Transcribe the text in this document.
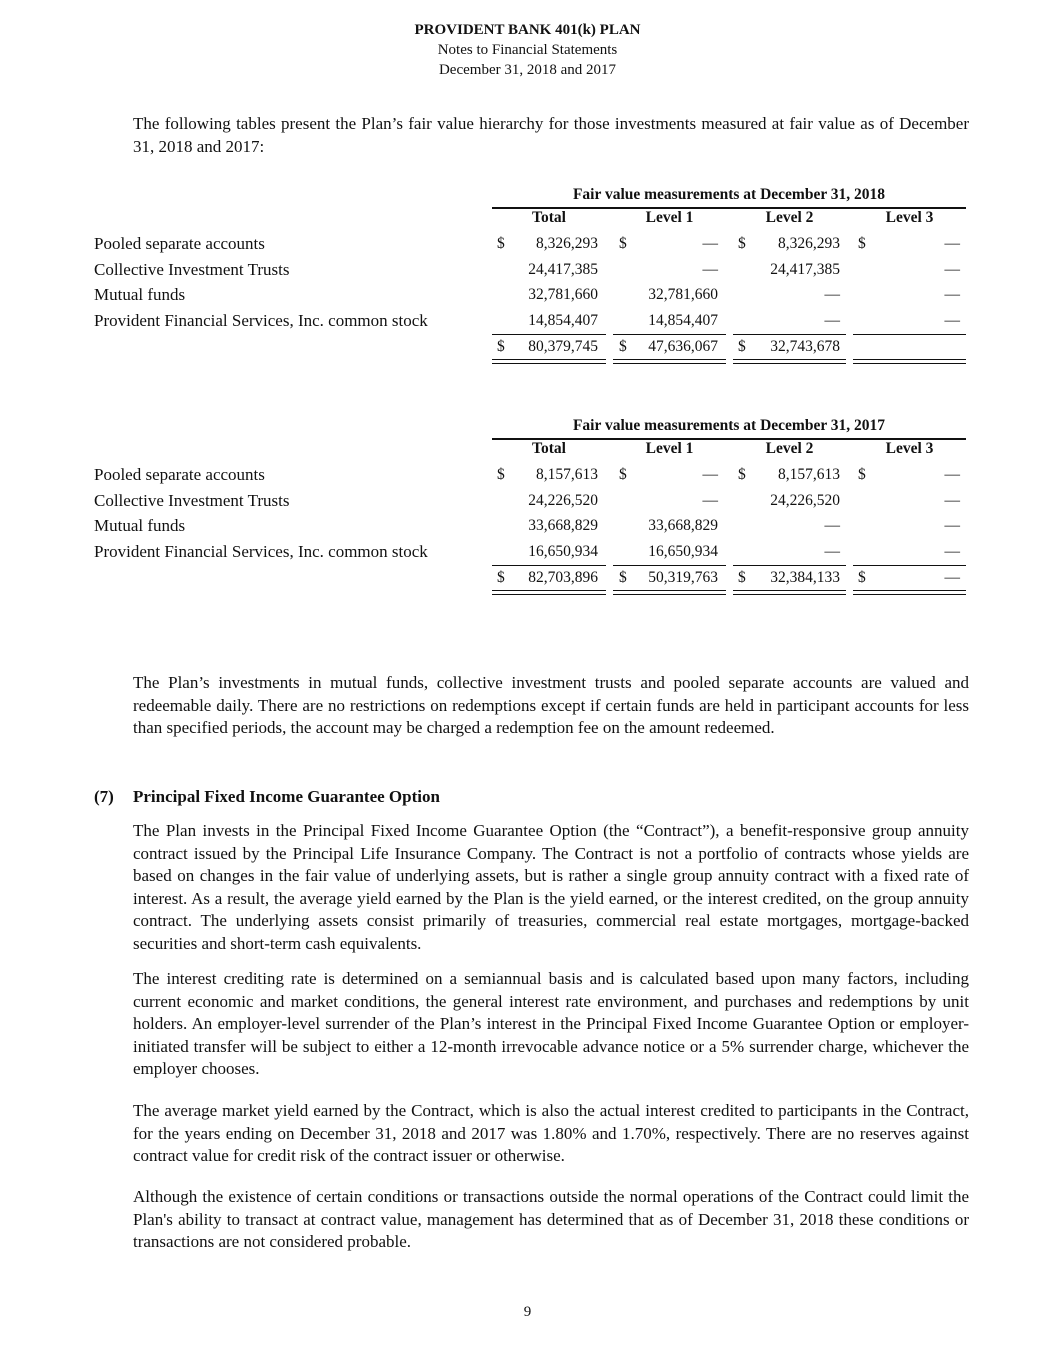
PROVIDENT BANK 401(k) PLAN
Notes to Financial Statements
December 31, 2018 and 2017
The following tables present the Plan’s fair value hierarchy for those investments measured at fair value as of December 31, 2018 and 2017:
Fair value measurements at December 31, 2018
Total	Level 1	Level 2	Level 3
Pooled separate accounts	$	8,326,293 $	— $	8,326,293 $	—
Collective Investment Trusts	24,417,385	—	24,417,385	—
Mutual funds	32,781,660	32,781,660	—	—
Provident Financial Services, Inc. common stock	14,854,407	14,854,407	—	—
$	80,379,745 $	47,636,067 $	32,743,678
Fair value measurements at December 31, 2017
Total	Level 1	Level 2	Level 3
Pooled separate accounts	$	8,157,613 $	— $	8,157,613 $	—
Collective Investment Trusts	24,226,520	—	24,226,520	—
Mutual funds	33,668,829	33,668,829	—	—
Provident Financial Services, Inc. common stock	16,650,934	16,650,934	—	—
$	82,703,896 $	50,319,763 $	32,384,133 $	—
The Plan’s investments in mutual funds, collective investment trusts and pooled separate accounts are valued and redeemable daily. There are no restrictions on redemptions except if certain funds are held in participant accounts for less than specified periods, the account may be charged a redemption fee on the amount redeemed.
(7) Principal Fixed Income Guarantee Option
The Plan invests in the Principal Fixed Income Guarantee Option (the “Contract”), a benefit-responsive group annuity contract issued by the Principal Life Insurance Company. The Contract is not a portfolio of contracts whose yields are based on changes in the fair value of underlying assets, but is rather a single group annuity contract with a fixed rate of interest. As a result, the average yield earned by the Plan is the yield earned, or the interest credited, on the group annuity contract. The underlying assets consist primarily of treasuries, commercial real estate mortgages, mortgage-backed securities and short-term cash equivalents.
The interest crediting rate is determined on a semiannual basis and is calculated based upon many factors, including current economic and market conditions, the general interest rate environment, and purchases and redemptions by unit holders. An employer-level surrender of the Plan’s interest in the Principal Fixed Income Guarantee Option or employer-initiated transfer will be subject to either a 12-month irrevocable advance notice or a 5% surrender charge, whichever the employer chooses.
The average market yield earned by the Contract, which is also the actual interest credited to participants in the Contract, for the years ending on December 31, 2018 and 2017 was 1.80% and 1.70%, respectively. There are no reserves against contract value for credit risk of the contract issuer or otherwise.
Although the existence of certain conditions or transactions outside the normal operations of the Contract could limit the Plan's ability to transact at contract value, management has determined that as of December 31, 2018 these conditions or transactions are not considered probable.
9
